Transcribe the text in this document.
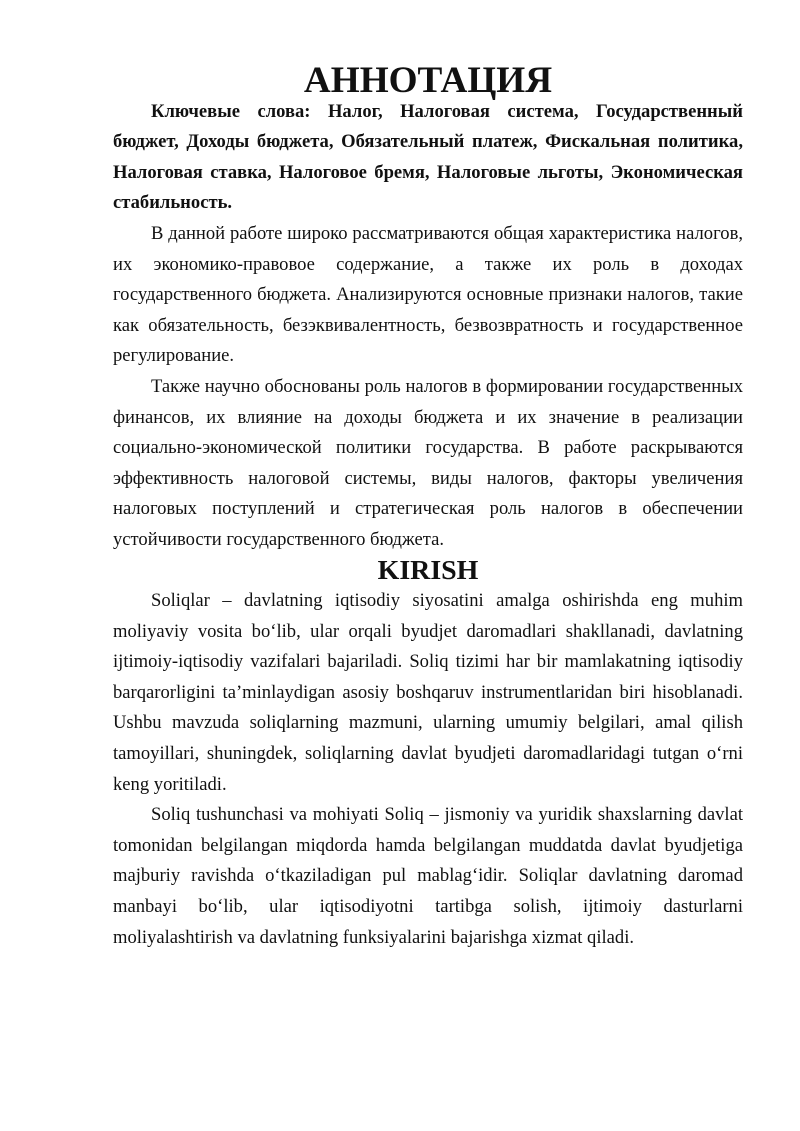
АННОТАЦИЯ

Ключевые слова: Налог, Налоговая система, Государственный бюджет, Доходы бюджета, Обязательный платеж, Фискальная политика, Налоговая ставка, Налоговое бремя, Налоговые льготы, Экономическая стабильность.

В данной работе широко рассматриваются общая характеристика налогов, их экономико-правовое содержание, а также их роль в доходах государственного бюджета. Анализируются основные признаки налогов, такие как обязательность, безэквивалентность, безвозвратность и государственное регулирование.

Также научно обоснованы роль налогов в формировании государственных финансов, их влияние на доходы бюджета и их значение в реализации социально-экономической политики государства. В работе раскрываются эффективность налоговой системы, виды налогов, факторы увеличения налоговых поступлений и стратегическая роль налогов в обеспечении устойчивости государственного бюджета.

KIRISH

Soliqlar – davlatning iqtisodiy siyosatini amalga oshirishda eng muhim moliyaviy vosita bo‘lib, ular orqali byudjet daromadlari shakllanadi, davlatning ijtimoiy-iqtisodiy vazifalari bajariladi. Soliq tizimi har bir mamlakatning iqtisodiy barqarorligini ta’minlaydigan asosiy boshqaruv instrumentlaridan biri hisoblanadi. Ushbu mavzuda soliqlarning mazmuni, ularning umumiy belgilari, amal qilish tamoyillari, shuningdek, soliqlarning davlat byudjeti daromadlaridagi tutgan o‘rni keng yoritiladi.

Soliq tushunchasi va mohiyati Soliq – jismoniy va yuridik shaxslarning davlat tomonidan belgilangan miqdorda hamda belgilangan muddatda davlat byudjetiga majburiy ravishda o‘tkaziladigan pul mablag‘idir. Soliqlar davlatning daromad manbayi bo‘lib, ular iqtisodiyotni tartibga solish, ijtimoiy dasturlarni moliyalashtirish va davlatning funksiyalarini bajarishga xizmat qiladi.
